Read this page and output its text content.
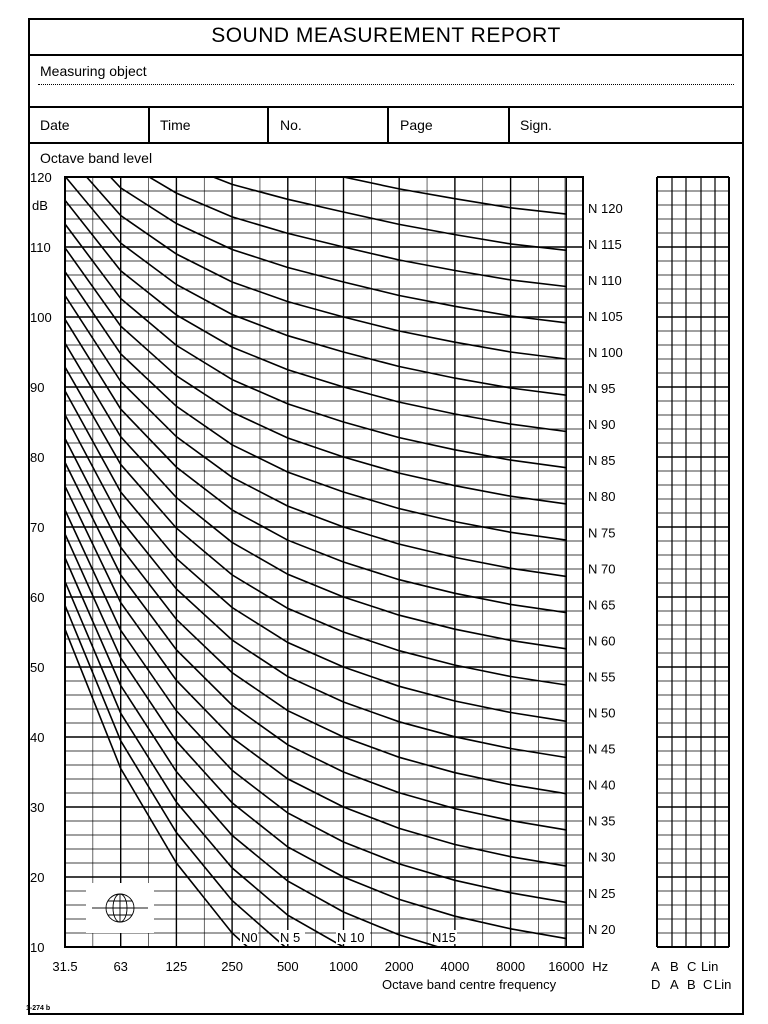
SOUND MEASUREMENT REPORT
Measuring object
Date	Time	No.	Page	Sign.
Octave band level
10
20
30
40
50
60
70
80
90
100
110
120
dB
31.5	63	125	250	500 1000 2000 4000 8000 16000 Hz
Octave band centre frequency
N 120
N 115
N 110
N 105
N 100
N 95
N 90
N 85
N 80
N 75
N 70
N 65
N 60
N 55
N 50
N 45
N 40
N 35
N 30
N 25
N 20
N0 N 5	N 10	N15
A B C Lin
D A B C Lin
1-274 b
